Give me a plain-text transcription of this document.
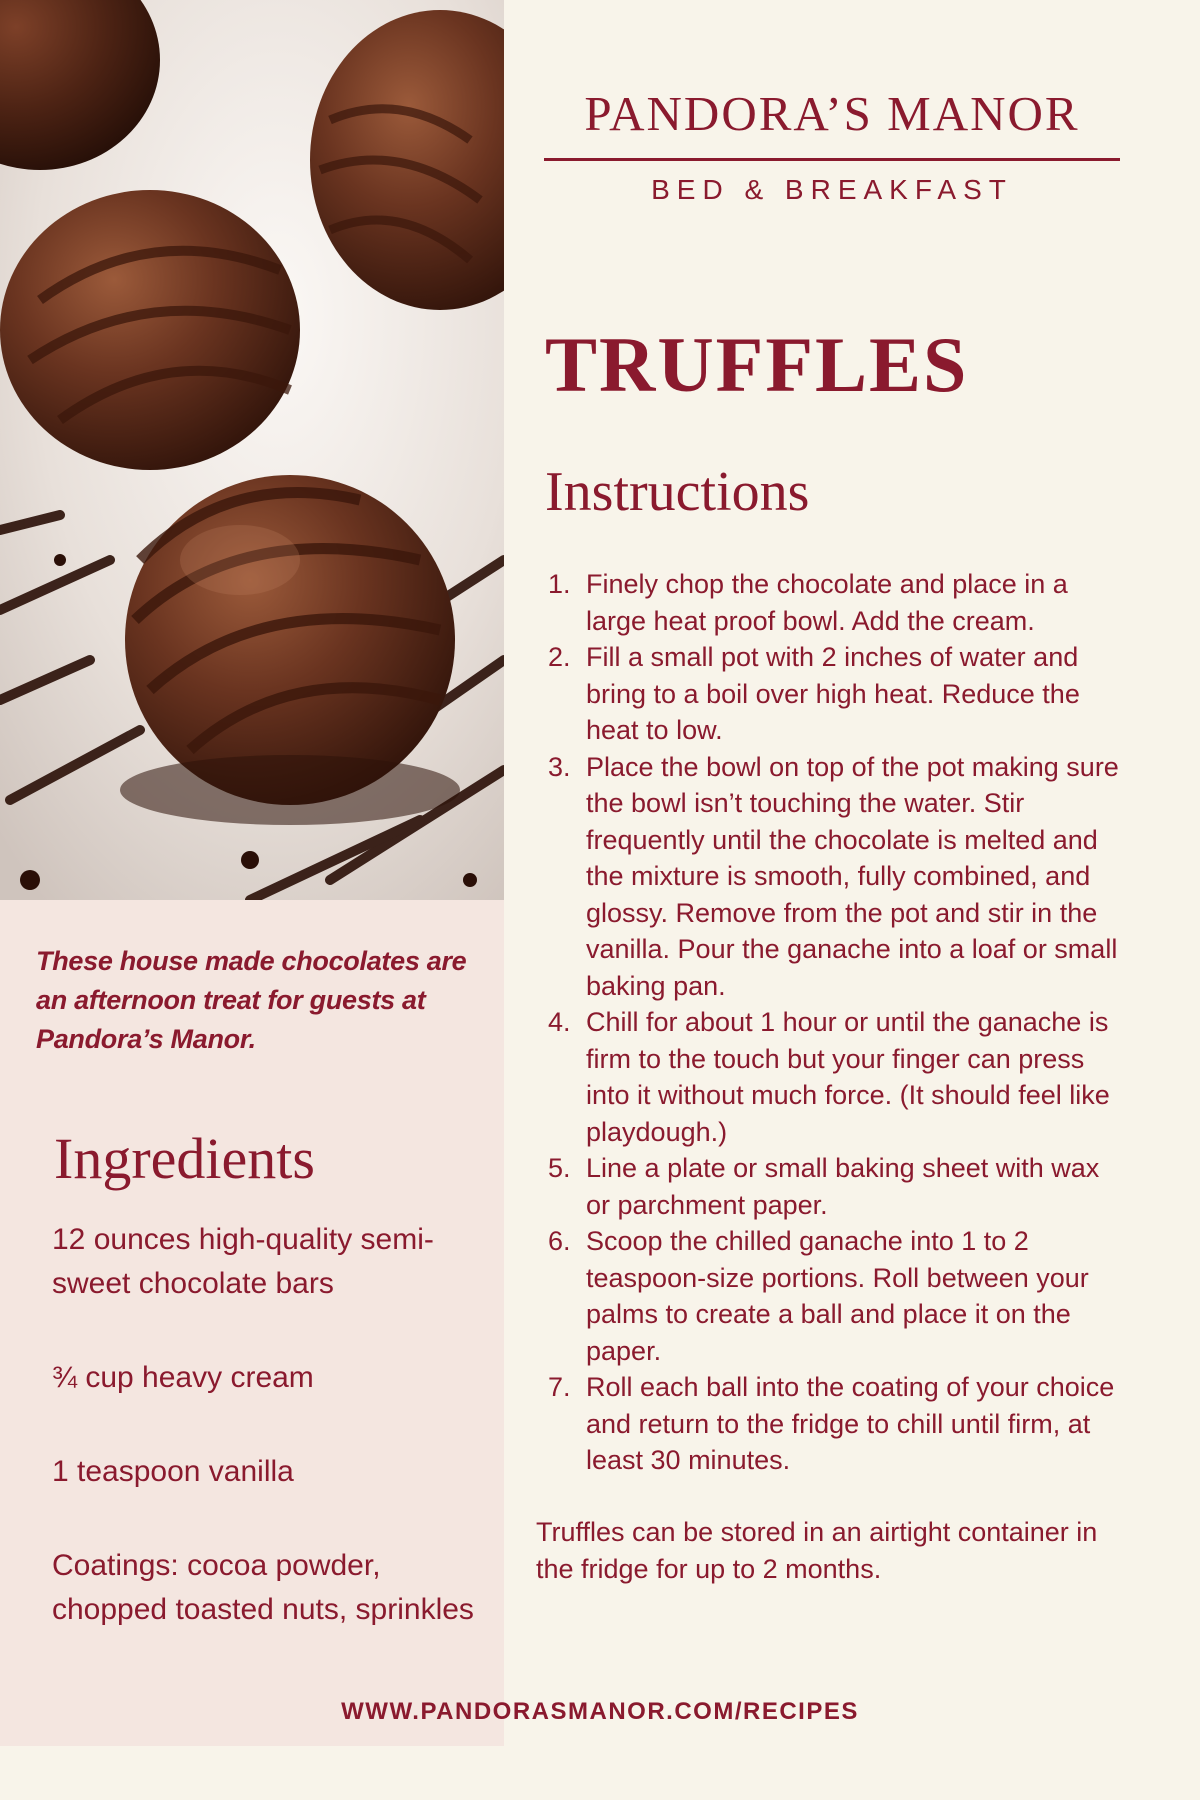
These house made chocolates are an afternoon treat for guests at Pandora’s Manor.
Ingredients
12 ounces high-quality semi-sweet chocolate bars
¾ cup heavy cream
1 teaspoon vanilla
Coatings: cocoa powder, chopped toasted nuts, sprinkles
PANDORA’S MANOR
BED & BREAKFAST
TRUFFLES
Instructions
1. Finely chop the chocolate and place in a large heat proof bowl. Add the cream.
2. Fill a small pot with 2 inches of water and bring to a boil over high heat. Reduce the heat to low.
3. Place the bowl on top of the pot making sure the bowl isn’t touching the water. Stir frequently until the chocolate is melted and the mixture is smooth, fully combined, and glossy. Remove from the pot and stir in the vanilla. Pour the ganache into a loaf or small baking pan.
4. Chill for about 1 hour or until the ganache is firm to the touch but your finger can press into it without much force. (It should feel like playdough.)
5. Line a plate or small baking sheet with wax or parchment paper.
6. Scoop the chilled ganache into 1 to 2 teaspoon-size portions. Roll between your palms to create a ball and place it on the paper.
7. Roll each ball into the coating of your choice and return to the fridge to chill until firm, at least 30 minutes.
Truffles can be stored in an airtight container in the fridge for up to 2 months.
WWW.PANDORASMANOR.COM/RECIPES
